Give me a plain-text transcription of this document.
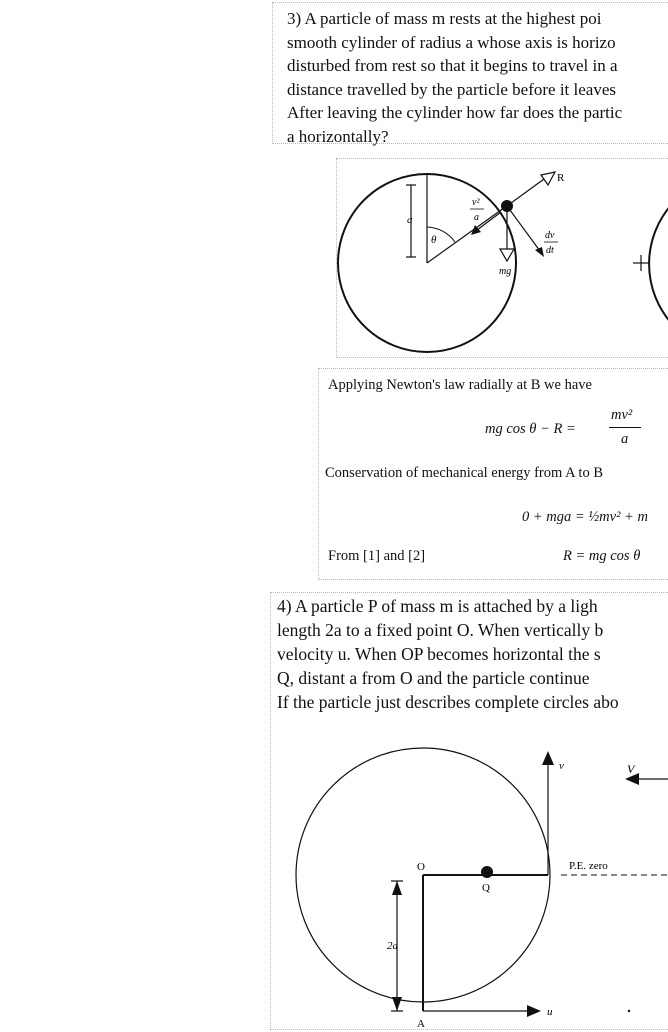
3) A particle of mass m rests at the highest poi
smooth cylinder of radius a whose axis is horizo
disturbed from rest so that it begins to travel in a
distance travelled by the particle before it leaves
After leaving the cylinder how far does the partic
a horizontally?
R
v²
a
a
θ	dv
dt
mg
Applying Newton's law radially at B we have
mg cos θ − R =
mv²
a
Conservation of mechanical energy from A to B
0 + mga = ½mv² + m
From [1] and [2]	R = mg cos θ
4) A particle P of mass m is attached by a ligh
length 2a to a fixed point O. When vertically b
velocity u. When OP becomes horizontal the s
Q, distant a from O and the particle continue
If the particle just describes complete circles abo
v	V
O
Q
P.E. zero
2a
u
A
